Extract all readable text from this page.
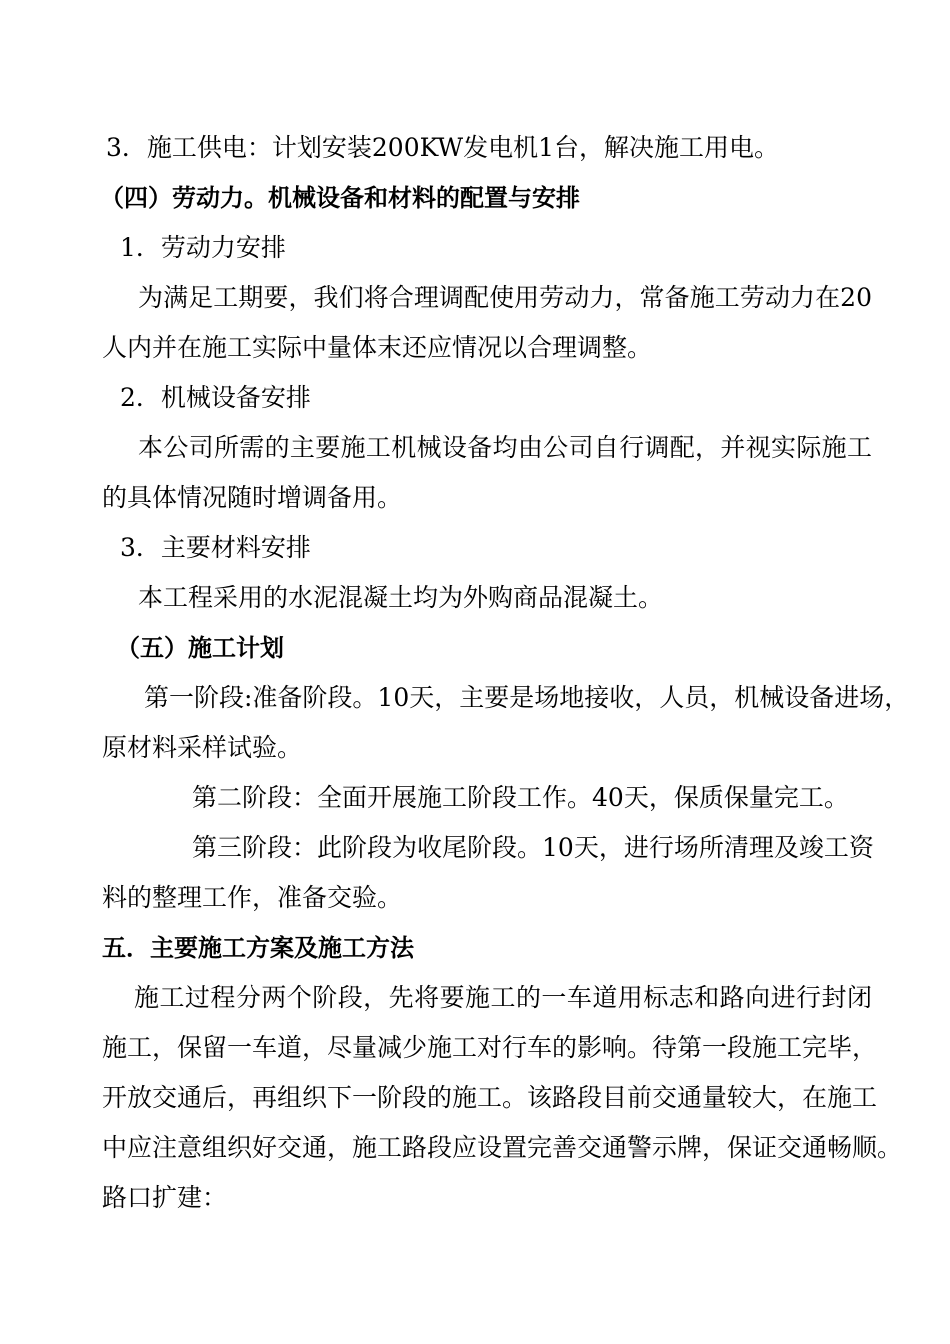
3．施工供电：计划安装200KW发电机1台，解决施工用电。
（四）劳动力。机械设备和材料的配置与安排
1．劳动力安排
为满足工期要，我们将合理调配使用劳动力，常备施工劳动力在20
人内并在施工实际中量体末还应情况以合理调整。
2．机械设备安排
本公司所需的主要施工机械设备均由公司自行调配，并视实际施工
的具体情况随时增调备用。
3．主要材料安排
本工程采用的水泥混凝土均为外购商品混凝土。
（五）施工计划
第一阶段:准备阶段。10天，主要是场地接收，人员，机械设备进场，
原材料采样试验。
第二阶段：全面开展施工阶段工作。40天，保质保量完工。
第三阶段：此阶段为收尾阶段。10天，进行场所清理及竣工资
料的整理工作，准备交验。
五．主要施工方案及施工方法
施工过程分两个阶段，先将要施工的一车道用标志和路向进行封闭
施工，保留一车道，尽量减少施工对行车的影响。待第一段施工完毕，
开放交通后，再组织下一阶段的施工。该路段目前交通量较大，在施工
中应注意组织好交通，施工路段应设置完善交通警示牌，保证交通畅顺。
路口扩建：
